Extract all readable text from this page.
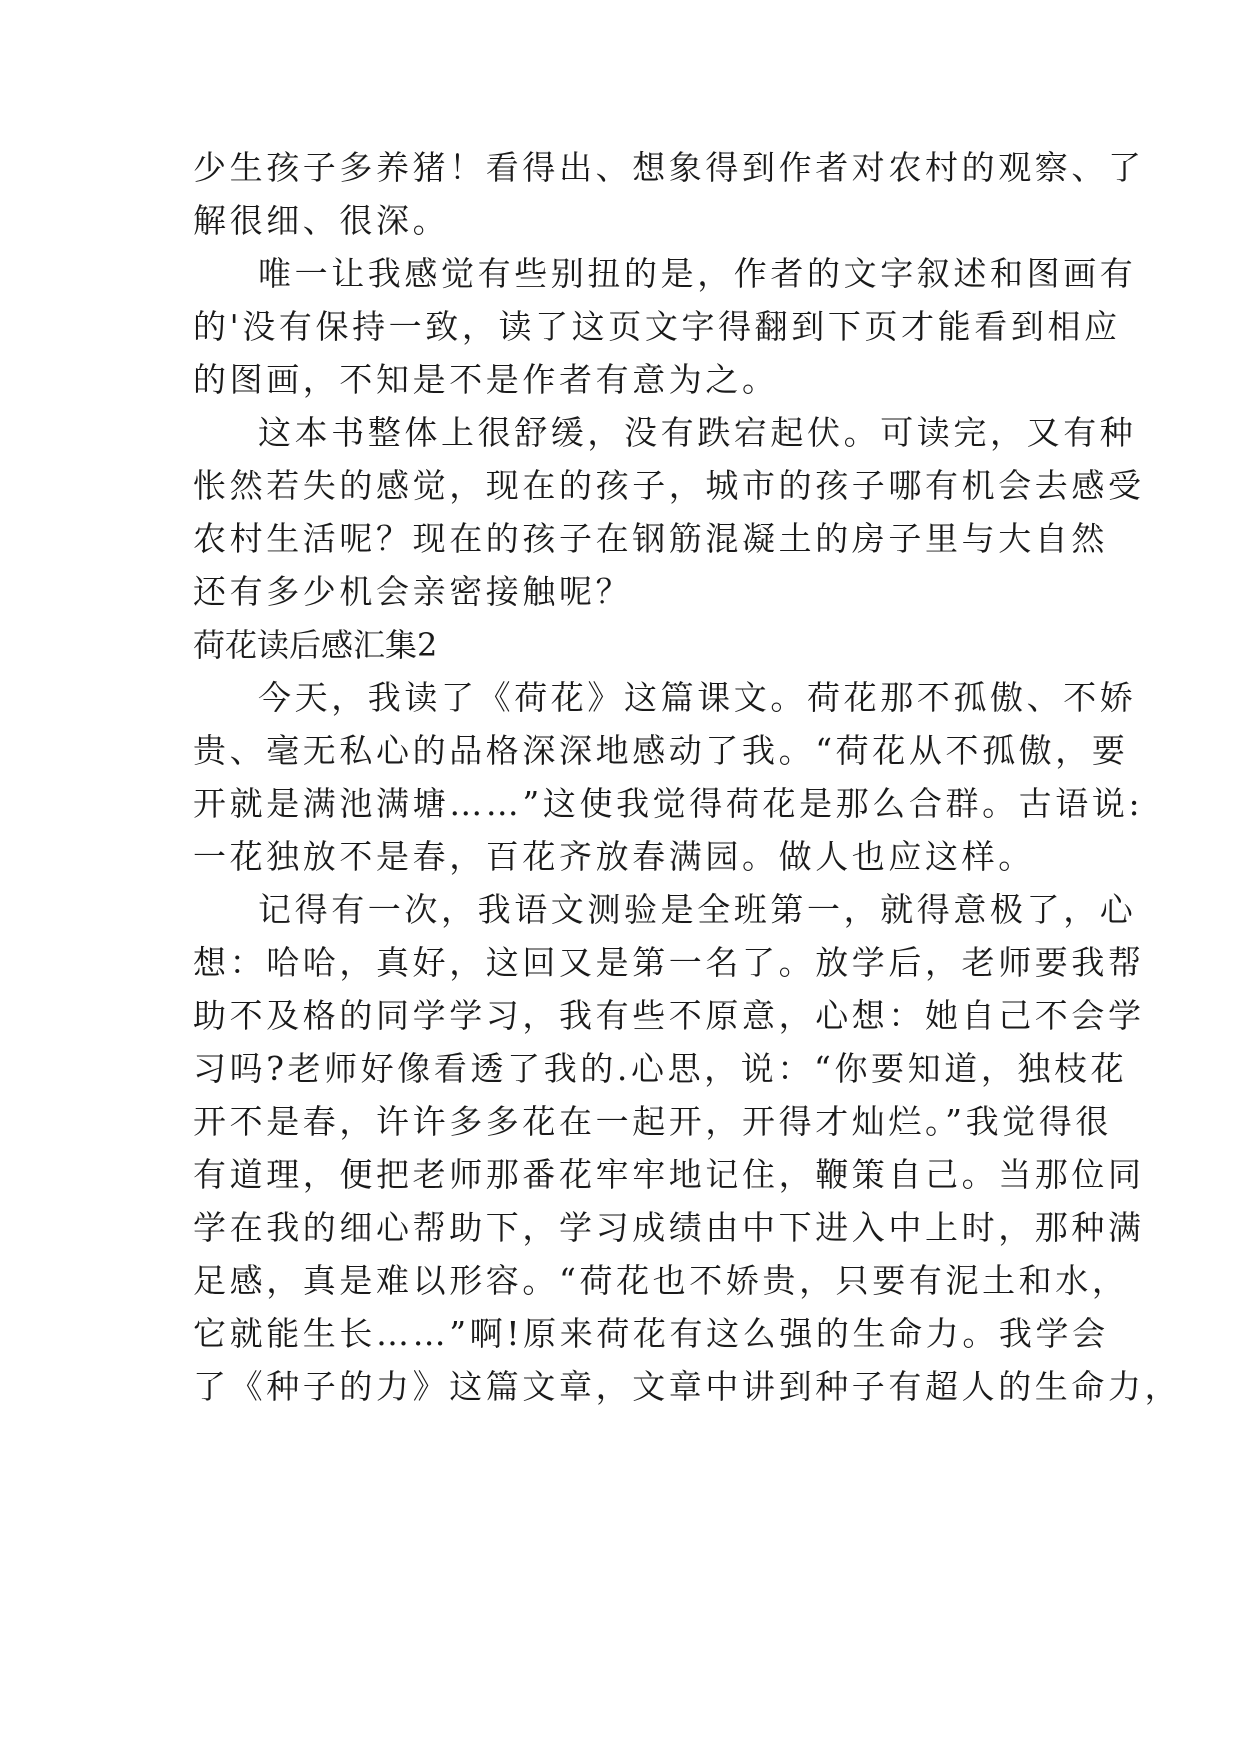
少生孩子多养猪！看得出、想象得到作者对农村的观察、了
解很细、很深。
唯一让我感觉有些别扭的是，作者的文字叙述和图画有
的'没有保持一致，读了这页文字得翻到下页才能看到相应
的图画，不知是不是作者有意为之。
这本书整体上很舒缓，没有跌宕起伏。可读完，又有种
怅然若失的感觉，现在的孩子，城市的孩子哪有机会去感受
农村生活呢？现在的孩子在钢筋混凝土的房子里与大自然
还有多少机会亲密接触呢？
荷花读后感汇集2
今天，我读了《荷花》这篇课文。荷花那不孤傲、不娇
贵、毫无私心的品格深深地感动了我。“荷花从不孤傲，要
开就是满池满塘……”这使我觉得荷花是那么合群。古语说:
一花独放不是春，百花齐放春满园。做人也应这样。
记得有一次，我语文测验是全班第一，就得意极了，心
想：哈哈，真好，这回又是第一名了。放学后，老师要我帮
助不及格的同学学习，我有些不原意，心想：她自己不会学
习吗?老师好像看透了我的.心思，说：“你要知道，独枝花
开不是春，许许多多花在一起开，开得才灿烂。”我觉得很
有道理，便把老师那番花牢牢地记住，鞭策自己。当那位同
学在我的细心帮助下，学习成绩由中下进入中上时，那种满
足感，真是难以形容。“荷花也不娇贵，只要有泥土和水，
它就能生长……”啊!原来荷花有这么强的生命力。我学会
了《种子的力》这篇文章，文章中讲到种子有超人的生命力，
